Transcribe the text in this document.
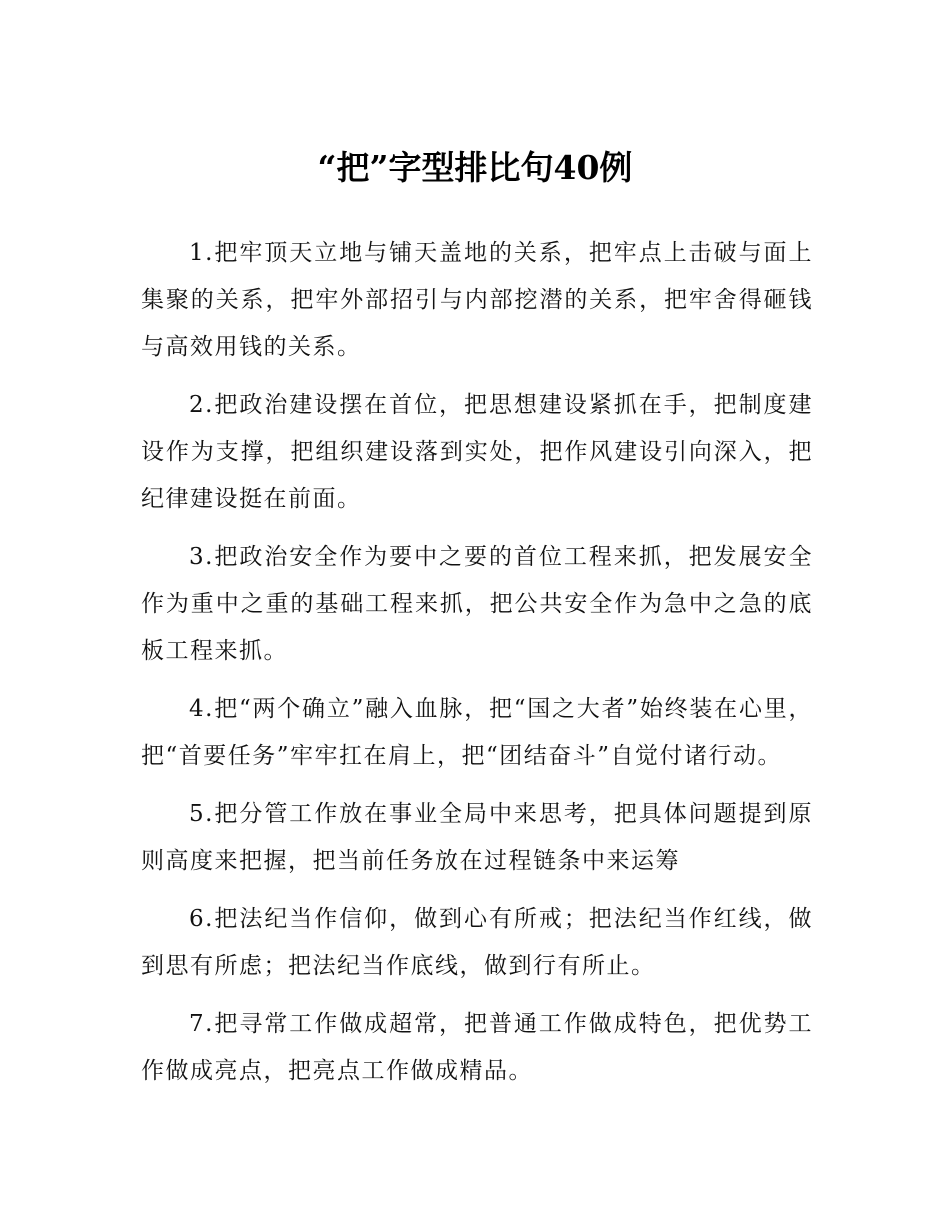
“把”字型排比句40例

1.把牢顶天立地与铺天盖地的关系，把牢点上击破与面上集聚的关系，把牢外部招引与内部挖潜的关系，把牢舍得砸钱与高效用钱的关系。

2.把政治建设摆在首位，把思想建设紧抓在手，把制度建设作为支撑，把组织建设落到实处，把作风建设引向深入，把纪律建设挺在前面。

3.把政治安全作为要中之要的首位工程来抓，把发展安全作为重中之重的基础工程来抓，把公共安全作为急中之急的底板工程来抓。

4.把“两个确立”融入血脉，把“国之大者”始终装在心里，把“首要任务”牢牢扛在肩上，把“团结奋斗”自觉付诸行动。

5.把分管工作放在事业全局中来思考，把具体问题提到原则高度来把握，把当前任务放在过程链条中来运筹

6.把法纪当作信仰，做到心有所戒；把法纪当作红线，做到思有所虑；把法纪当作底线，做到行有所止。

7.把寻常工作做成超常，把普通工作做成特色，把优势工作做成亮点，把亮点工作做成精品。
